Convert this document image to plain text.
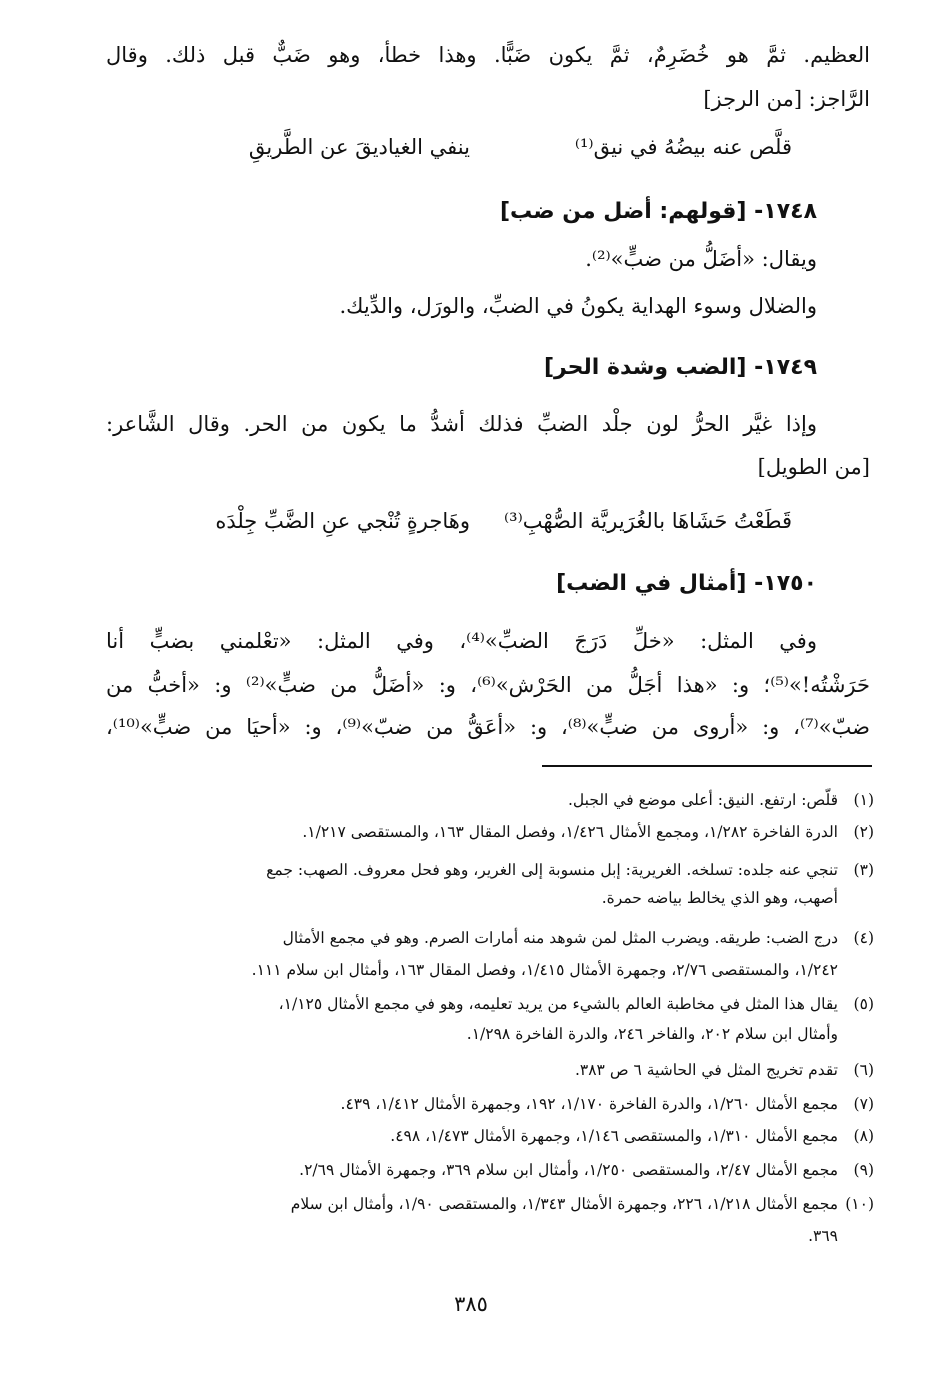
العظيم. ثمَّ هو خُضَرِمٌ، ثمَّ يكون ضَبًّا. وهذا خطأ، وهو ضَبٌّ قبل ذلك. وقال
الرَّاجز: [من الرجز]
ينفي الغياديقَ عن الطَّريقِ	قلَّص عنه بيضُهُ في نيق⁽¹⁾
١٧٤٨- [قولهم: أضل من ضب]
ويقال: «أضَلُّ من ضبٍّ»⁽²⁾.
والضلال وسوء الهداية يكونُ في الضبِّ، والورَل، والدِّيك.
١٧٤٩- [الضب وشدة الحر]
وإذا غيَّر الحرُّ لون جلْد الضبِّ فذلك أشدُّ ما يكون من الحر. وقال الشَّاعر:
[من الطويل]
وهَاجرةٍ تُنْجي عنِ الضَّبِّ جِلْدَه قَطَعْتُ حَشَاهَا بالغُرَيريَّة الصُّهْبِ⁽³⁾
١٧٥٠- [أمثال في الضب]
وفي المثل: «خلِّ دَرَجَ الضبِّ»⁽⁴⁾، وفي المثل: «تعْلمني بضبٍّ أنا
حَرَشْتُه!»⁽⁵⁾؛ و: «هذا أجَلُّ من الحَرْش»⁽⁶⁾، و: «أضَلُّ من ضبٍّ»⁽²⁾ و: «أخبُّ من
ضبّ»⁽⁷⁾، و: «أروى من ضبٍّ»⁽⁸⁾، و: «أعَقُّ من ضبّ»⁽⁹⁾، و: «أحيَا من ضبٍّ»⁽¹⁰⁾،
(١)قلَّص: ارتفع. النيق: أعلى موضع في الجبل.
(٢)الدرة الفاخرة ١/٢٨٢، ومجمع الأمثال ١/٤٢٦، وفصل المقال ١٦٣، والمستقصى ١/٢١٧.
(٣)تنجي عنه جلده: تسلخه. الغريرية: إبل منسوبة إلى الغرير، وهو فحل معروف. الصهب: جمع
أصهب، وهو الذي يخالط بياضه حمرة.
(٤)درج الضب: طريقه. ويضرب المثل لمن شوهد منه أمارات الصرم. وهو في مجمع الأمثال
١/٢٤٢، والمستقصى ٢/٧٦، وجمهرة الأمثال ١/٤١٥، وفصل المقال ١٦٣، وأمثال ابن سلام ١١١.
(٥)يقال هذا المثل في مخاطبة العالم بالشيء من يريد تعليمه، وهو في مجمع الأمثال ١/١٢٥،
وأمثال ابن سلام ٢٠٢، والفاخر ٢٤٦، والدرة الفاخرة ١/٢٩٨.
(٦)تقدم تخريج المثل في الحاشية ٦ ص ٣٨٣.
(٧)مجمع الأمثال ١/٢٦٠، والدرة الفاخرة ١/١٧٠، ١٩٢، وجمهرة الأمثال ١/٤١٢، ٤٣٩.
(٨)مجمع الأمثال ١/٣١٠، والمستقصى ١/١٤٦، وجمهرة الأمثال ١/٤٧٣، ٤٩٨.
(٩)مجمع الأمثال ٢/٤٧، والمستقصى ١/٢٥٠، وأمثال ابن سلام ٣٦٩، وجمهرة الأمثال ٢/٦٩.
(١٠)مجمع الأمثال ١/٢١٨، ٢٢٦، وجمهرة الأمثال ١/٣٤٣، والمستقصى ١/٩٠، وأمثال ابن سلام
٣٦٩.
٣٨٥
